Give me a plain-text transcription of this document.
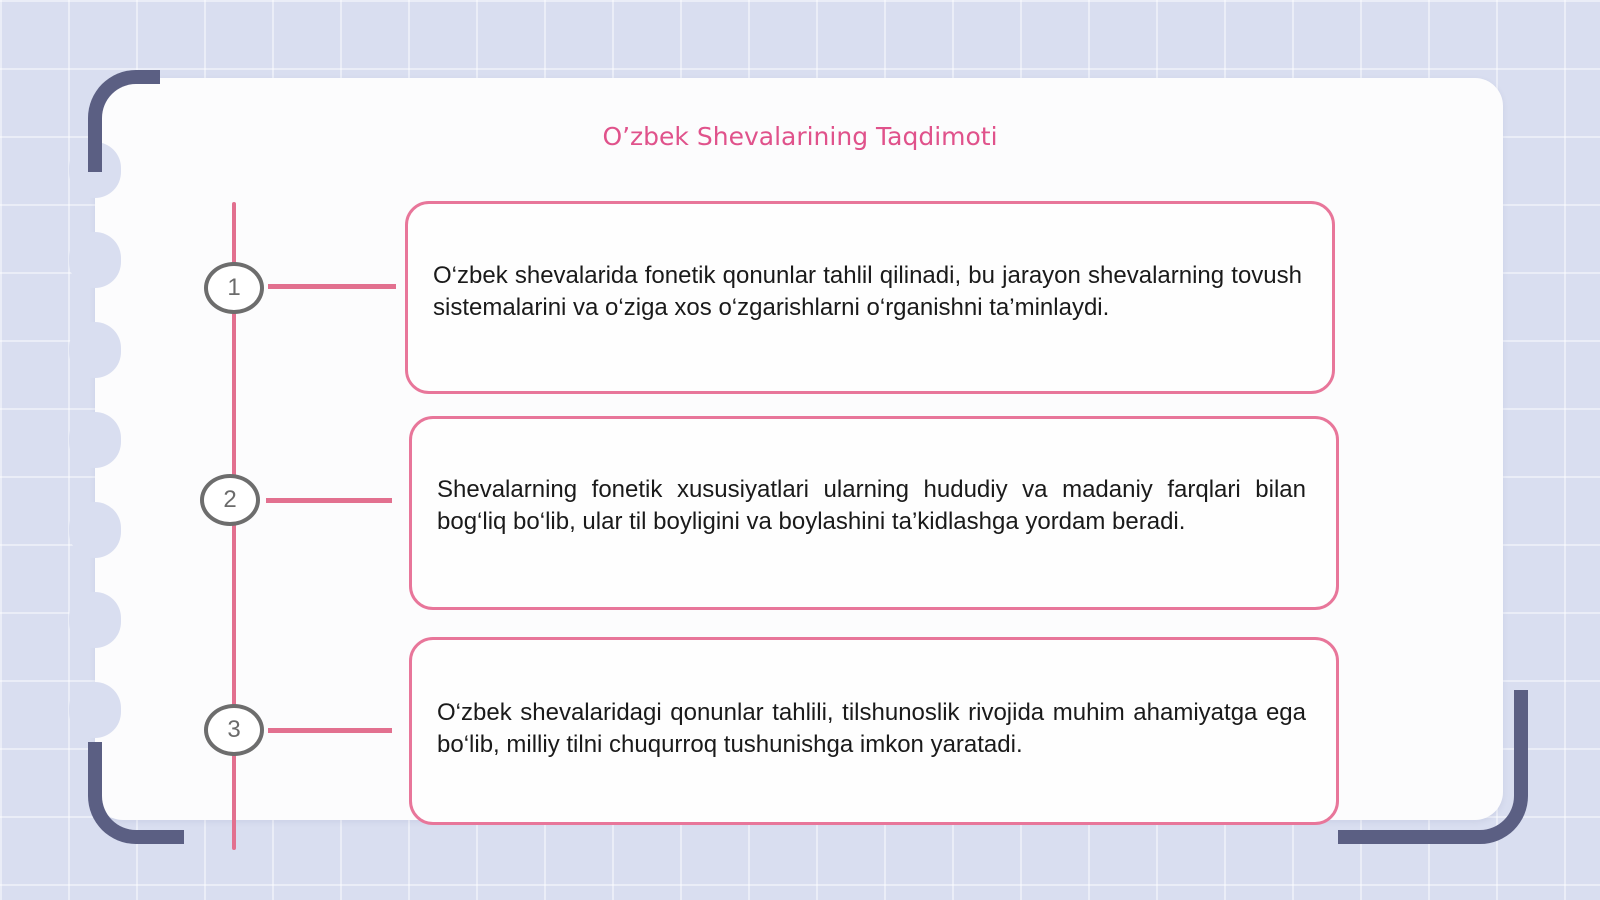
O’zbek Shevalarining Taqdimoti
1	O‘zbek shevalarida fonetik qonunlar tahlil qilinadi, bu jarayon shevalarning tovush sistemalarini va o‘ziga xos o‘zgarishlarni o‘rganishni ta’minlaydi.
2	Shevalarning fonetik xususiyatlari ularning hududiy va madaniy farqlari bilan bog‘liq bo‘lib, ular til boyligini va boylashini ta’kidlashga yordam beradi.
3
O‘zbek shevalaridagi qonunlar tahlili, tilshunoslik rivojida muhim ahamiyatga ega bo‘lib, milliy tilni chuqurroq tushunishga imkon yaratadi.
